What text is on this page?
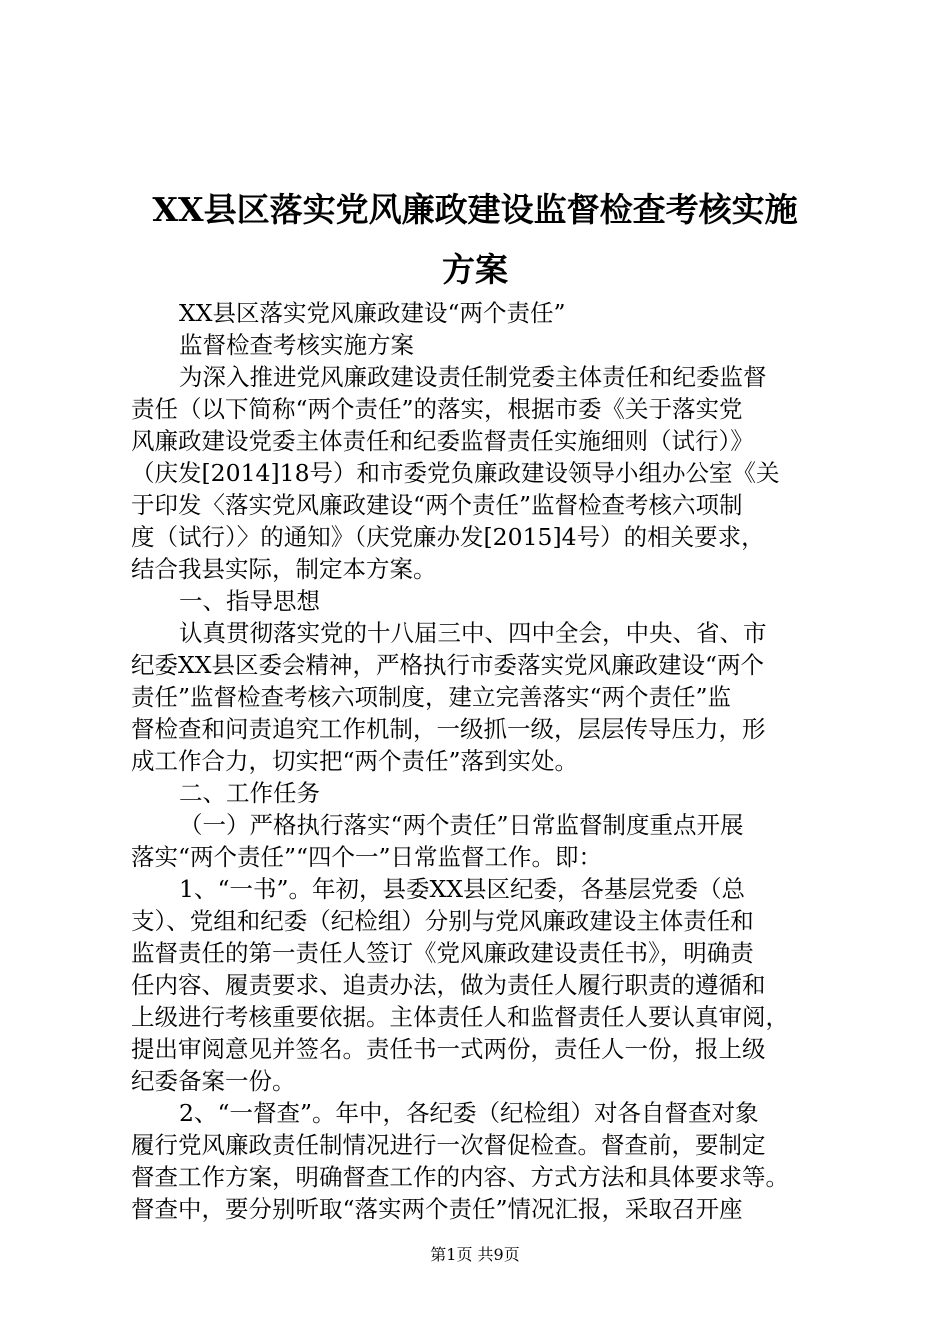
XX县区落实党风廉政建设监督检查考核实施
方案

XX县区落实党风廉政建设“两个责任”

监督检查考核实施方案

为深入推进党风廉政建设责任制党委主体责任和纪委监督
责任（以下简称“两个责任”的落实，根据市委《关于落实党
风廉政建设党委主体责任和纪委监督责任实施细则（试行）》
（庆发[2014]18号）和市委党负廉政建设领导小组办公室《关
于印发〈落实党风廉政建设“两个责任”监督检查考核六项制
度（试行）〉的通知》（庆党廉办发[2015]4号）的相关要求，
结合我县实际，制定本方案。

一、指导思想

认真贯彻落实党的十八届三中、四中全会，中央、省、市
纪委XX县区委会精神，严格执行市委落实党风廉政建设“两个
责任”监督检查考核六项制度，建立完善落实“两个责任”监
督检查和问责追究工作机制，一级抓一级，层层传导压力，形
成工作合力，切实把“两个责任”落到实处。

二、工作任务

（一）严格执行落实“两个责任”日常监督制度重点开展
落实“两个责任”“四个一”日常监督工作。即：

1、“一书”。年初，县委XX县区纪委，各基层党委（总
支）、党组和纪委（纪检组）分别与党风廉政建设主体责任和
监督责任的第一责任人签订《党风廉政建设责任书》，明确责
任内容、履责要求、追责办法，做为责任人履行职责的遵循和
上级进行考核重要依据。主体责任人和监督责任人要认真审阅，
提出审阅意见并签名。责任书一式两份，责任人一份，报上级
纪委备案一份。

2、“一督查”。年中，各纪委（纪检组）对各自督查对象
履行党风廉政责任制情况进行一次督促检查。督查前，要制定
督查工作方案，明确督查工作的内容、方式方法和具体要求等。
督查中，要分别听取“落实两个责任”情况汇报，采取召开座

第1页 共9页
